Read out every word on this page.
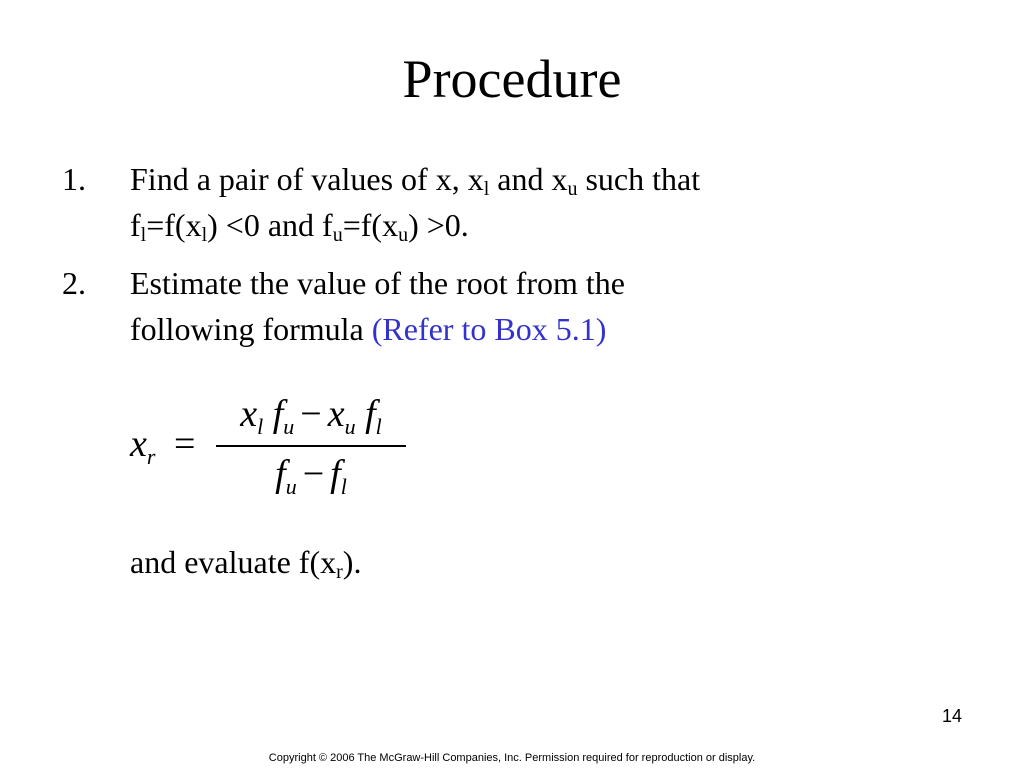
Procedure
1. Find a pair of values of x, $x_l$ and $x_u$ such that
$f_l=f(x_l) <0$ and $f_u=f(x_u) >0$.
2. Estimate the value of the root from the
following formula (Refer to Box 5.1)
$x_r$ =
$x_l$ $f_u - x_u$ $f_l$
$f_u - f_l$
and evaluate $f(x_r)$.
14
Copyright © 2006 The McGraw-Hill Companies, Inc. Permission required for reproduction or display.
